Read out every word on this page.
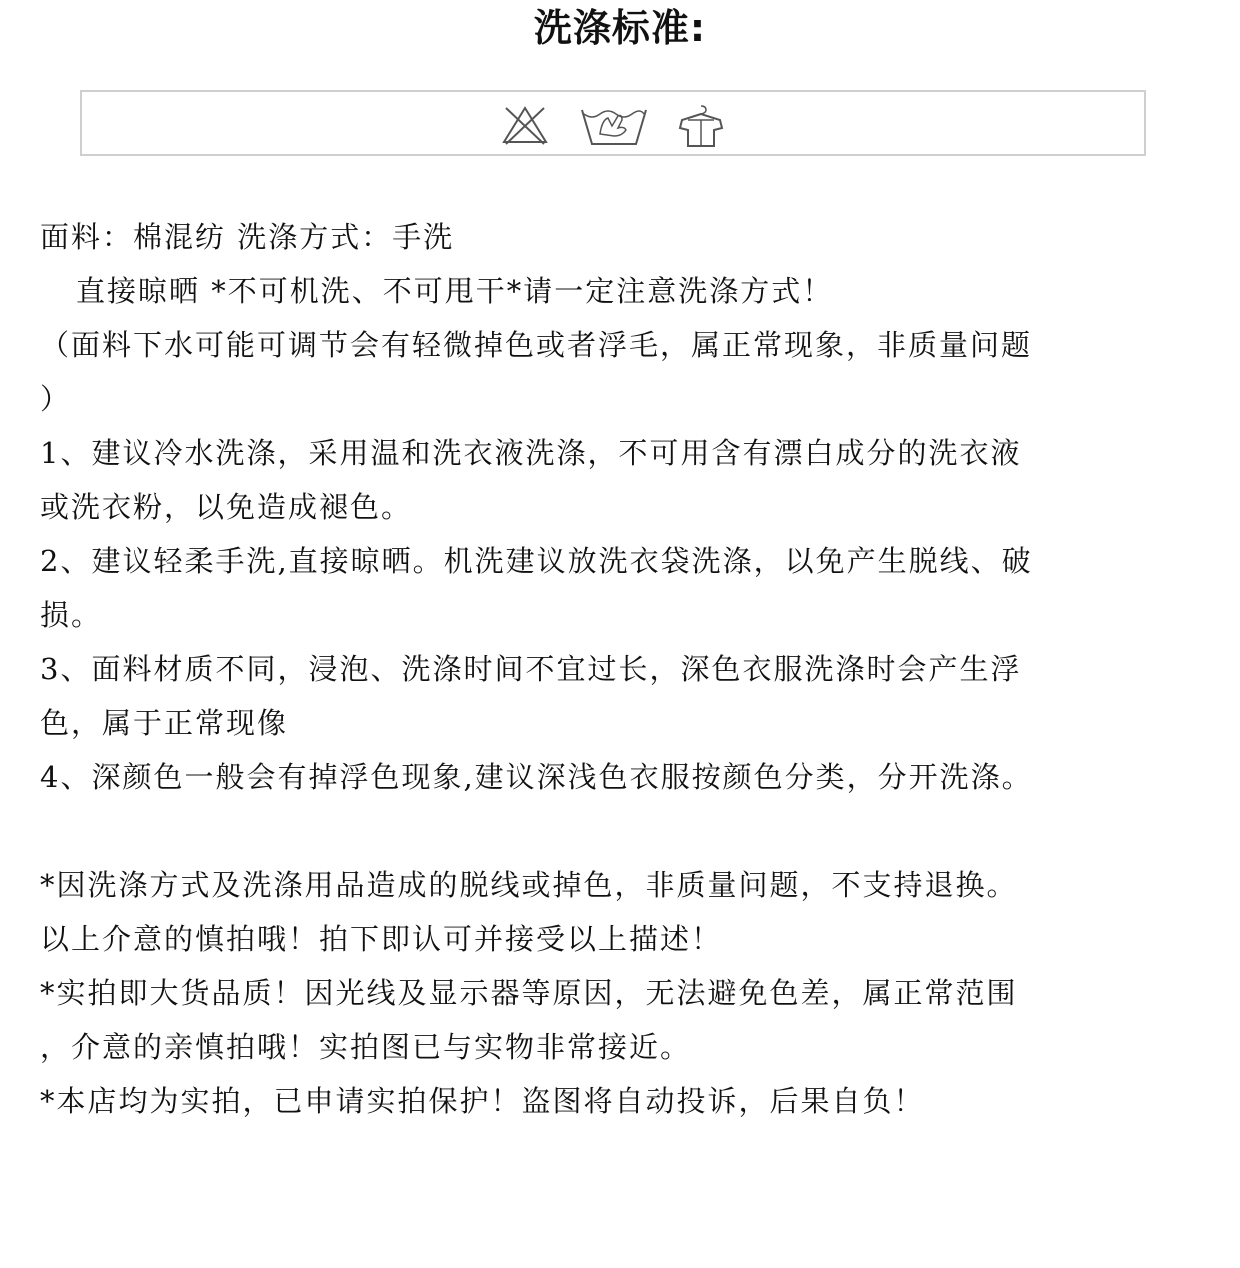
洗涤标准:
面料：棉混纺 洗涤方式：手洗
直接晾晒 *不可机洗、不可甩干*请一定注意洗涤方式！
（面料下水可能可调节会有轻微掉色或者浮毛，属正常现象，非质量问题
）
1、建议冷水洗涤，采用温和洗衣液洗涤，不可用含有漂白成分的洗衣液
或洗衣粉，以免造成褪色。
2、建议轻柔手洗,直接晾晒。机洗建议放洗衣袋洗涤，以免产生脱线、破
损。
3、面料材质不同，浸泡、洗涤时间不宜过长，深色衣服洗涤时会产生浮
色，属于正常现像
4、深颜色一般会有掉浮色现象,建议深浅色衣服按颜色分类，分开洗涤。
*因洗涤方式及洗涤用品造成的脱线或掉色，非质量问题，不支持退换。
以上介意的慎拍哦！拍下即认可并接受以上描述！
*实拍即大货品质！因光线及显示器等原因，无法避免色差，属正常范围
，介意的亲慎拍哦！实拍图已与实物非常接近。
*本店均为实拍，已申请实拍保护！盗图将自动投诉，后果自负！
